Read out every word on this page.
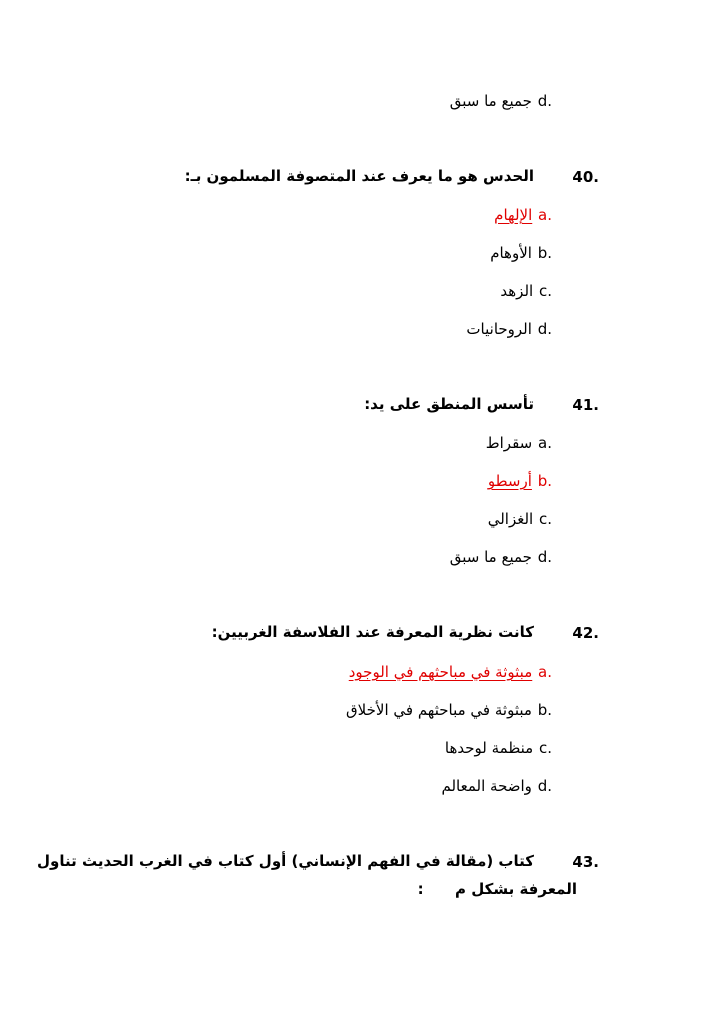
جميع ما سبق d.
40.
الحدس هو ما يعرف عند المتصوفة المسلمون بـ:
الإلهام a.
الأوهام b.
الزهد c.
الروحانيات d.
41.
تأسس المنطق على يد:
سقراط a.
أرسطو b.
الغزالي c.
جميع ما سبق d.
42.
كانت نظرية المعرفة عند الفلاسفة الغربيين:
مبثوثة في مباحثهم في الوجود a.
مبثوثة في مباحثهم في الأخلاق b.
منظمة لوحدها c.
واضحة المعالم d.
43.
كتاب (مقالة في الفهم الإنساني) أول كتاب في الغرب الحديث تناول
المعرفة بشكل م      :
